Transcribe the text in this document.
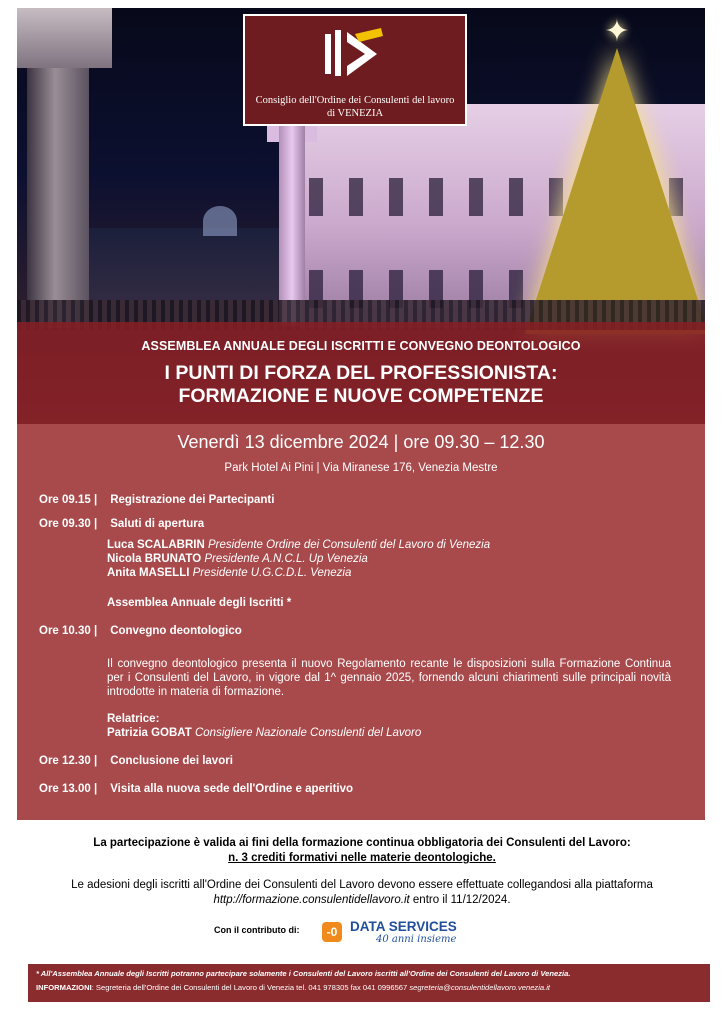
✦
Consiglio dell'Ordine dei Consulenti del lavoro
di VENEZIA
ASSEMBLEA ANNUALE DEGLI ISCRITTI E CONVEGNO DEONTOLOGICO
I PUNTI DI FORZA DEL PROFESSIONISTA:
FORMAZIONE E NUOVE COMPETENZE
Venerdì 13 dicembre 2024 | ore 09.30 – 12.30
Park Hotel Ai Pini | Via Miranese 176, Venezia Mestre
Ore 09.15 | Registrazione dei Partecipanti
Ore 09.30 | Saluti di apertura
Luca SCALABRIN Presidente Ordine dei Consulenti del Lavoro di Venezia
Nicola BRUNATO Presidente A.N.C.L. Up Venezia
Anita MASELLI Presidente U.G.C.D.L. Venezia
Assemblea Annuale degli Iscritti *
Ore 10.30 | Convegno deontologico
Il convegno deontologico presenta il nuovo Regolamento recante le disposizioni sulla Formazione Continua per i Consulenti del Lavoro, in vigore dal 1^ gennaio 2025, fornendo alcuni chiarimenti sulle principali novità introdotte in materia di formazione.
Relatrice:
Patrizia GOBAT Consigliere Nazionale Consulenti del Lavoro
Ore 12.30 | Conclusione dei lavori
Ore 13.00 | Visita alla nuova sede dell'Ordine e aperitivo
La partecipazione è valida ai fini della formazione continua obbligatoria dei Consulenti del Lavoro:
n. 3 crediti formativi nelle materie deontologiche.
Le adesioni degli iscritti all'Ordine dei Consulenti del Lavoro devono essere effettuate collegandosi alla piattaforma
http://formazione.consulentidellavoro.it entro il 11/12/2024.
Con il contributo di:	-0 DATA SERVICES
40 anni insieme
* All'Assemblea Annuale degli Iscritti potranno partecipare solamente i Consulenti del Lavoro iscritti all'Ordine dei Consulenti del Lavoro di Venezia.
INFORMAZIONI: Segreteria dell'Ordine dei Consulenti del Lavoro di Venezia tel. 041 978305 fax 041 0996567 segreteria@consulentidellavoro.venezia.it
